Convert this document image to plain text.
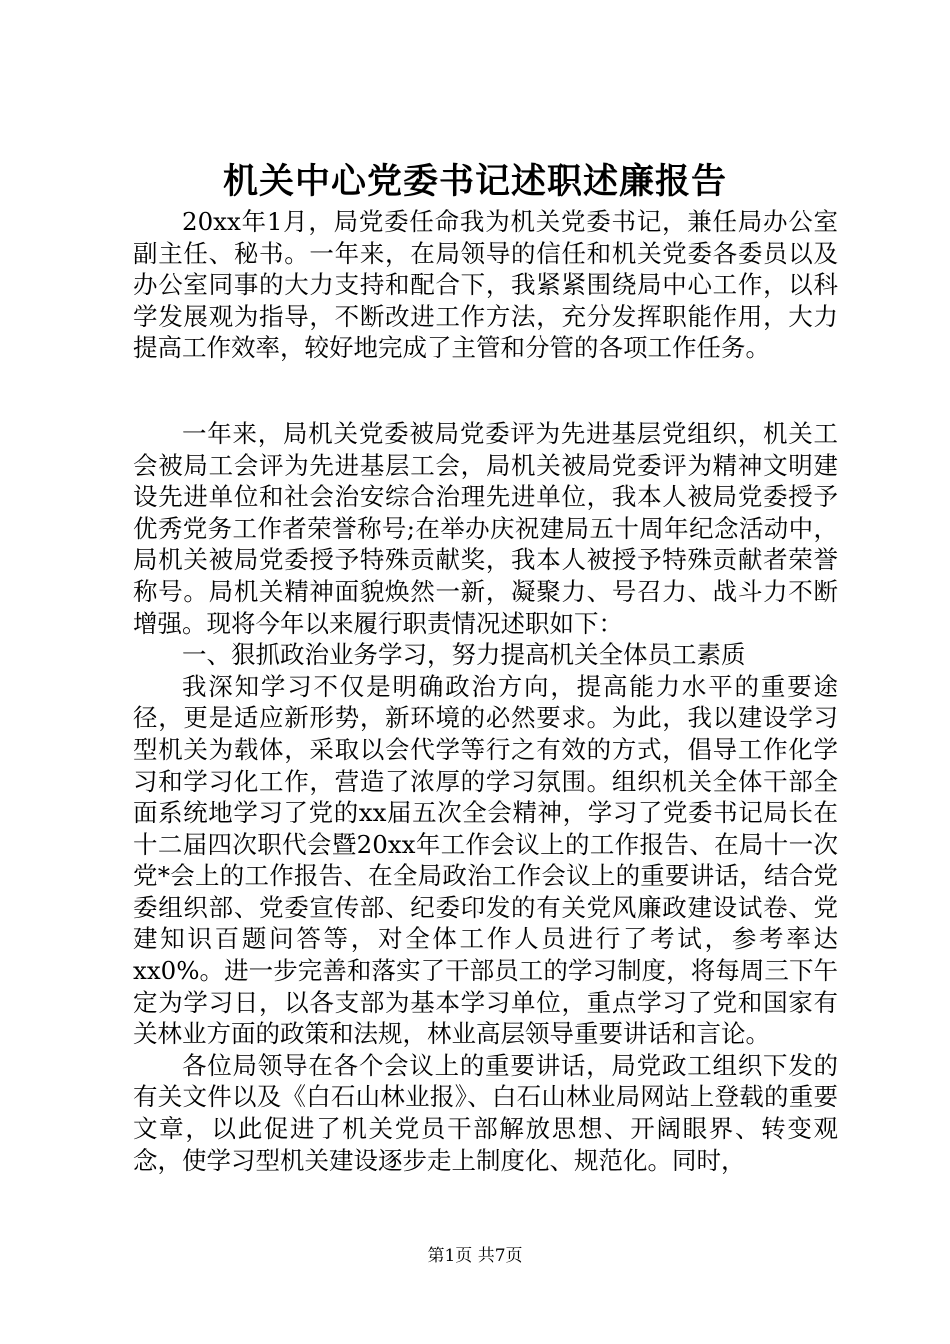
机关中心党委书记述职述廉报告

20xx年1月，局党委任命我为机关党委书记，兼任局办公室副主任、秘书。一年来，在局领导的信任和机关党委各委员以及办公室同事的大力支持和配合下，我紧紧围绕局中心工作，以科学发展观为指导，不断改进工作方法，充分发挥职能作用，大力提高工作效率，较好地完成了主管和分管的各项工作任务。

一年来，局机关党委被局党委评为先进基层党组织，机关工会被局工会评为先进基层工会，局机关被局党委评为精神文明建设先进单位和社会治安综合治理先进单位，我本人被局党委授予优秀党务工作者荣誉称号;在举办庆祝建局五十周年纪念活动中，局机关被局党委授予特殊贡献奖，我本人被授予特殊贡献者荣誉称号。局机关精神面貌焕然一新，凝聚力、号召力、战斗力不断增强。现将今年以来履行职责情况述职如下：

一、狠抓政治业务学习，努力提高机关全体员工素质

我深知学习不仅是明确政治方向，提高能力水平的重要途径，更是适应新形势，新环境的必然要求。为此，我以建设学习型机关为载体，采取以会代学等行之有效的方式，倡导工作化学习和学习化工作，营造了浓厚的学习氛围。组织机关全体干部全面系统地学习了党的xx届五次全会精神，学习了党委书记局长在十二届四次职代会暨20xx年工作会议上的工作报告、在局十一次党*会上的工作报告、在全局政治工作会议上的重要讲话，结合党委组织部、党委宣传部、纪委印发的有关党风廉政建设试卷、党建知识百题问答等，对全体工作人员进行了考试，参考率达xx0%。进一步完善和落实了干部员工的学习制度，将每周三下午定为学习日，以各支部为基本学习单位，重点学习了党和国家有关林业方面的政策和法规，林业高层领导重要讲话和言论。

各位局领导在各个会议上的重要讲话，局党政工组织下发的有关文件以及《白石山林业报》、白石山林业局网站上登载的重要文章，以此促进了机关党员干部解放思想、开阔眼界、转变观念，使学习型机关建设逐步走上制度化、规范化。同时，

第1页 共7页
